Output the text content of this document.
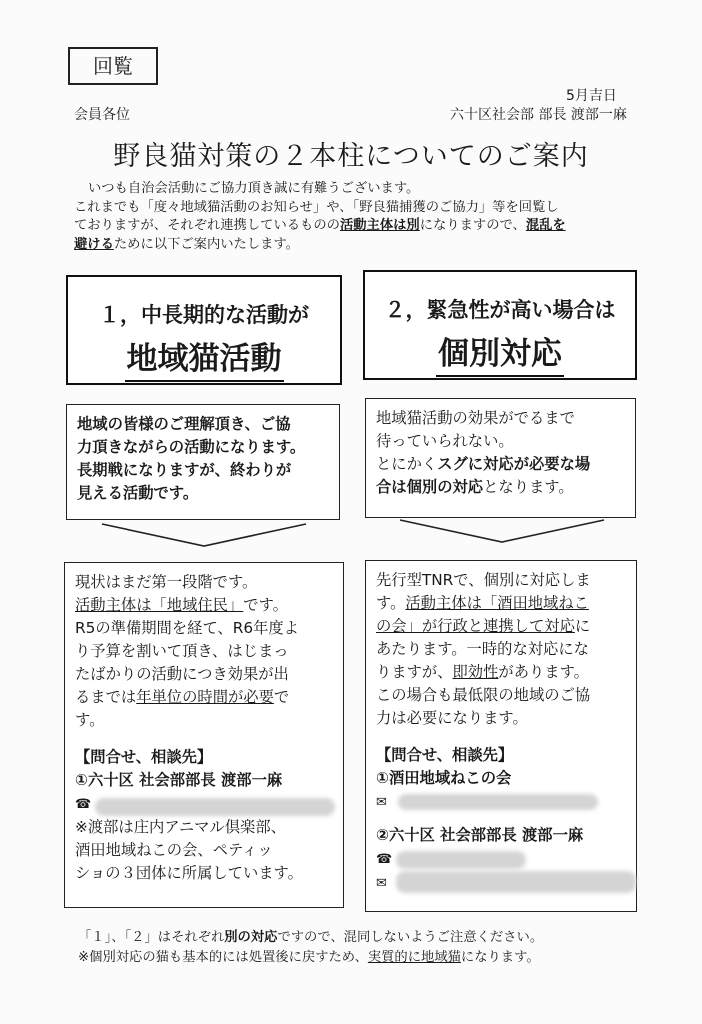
回覧
5月吉日
会員各位	六十区社会部 部長 渡部一麻
野良猫対策の２本柱についてのご案内

いつも自治会活動にご協力頂き誠に有難うございます。

これまでも「度々地域猫活動のお知らせ」や、「野良猫捕獲のご協力」等を回覧し

ておりますが、それぞれ連携しているものの活動主体は別になりますので、混乱を

避けるために以下ご案内いたします。

１，中長期的な活動が
地域猫活動
２，緊急性が高い場合は
個別対応
地域の皆様のご理解頂き、ご協
力頂きながらの活動になります。
長期戦になりますが、終わりが
見える活動です。
地域猫活動の効果がでるまで
待っていられない。
とにかくスグに対応が必要な場
合は個別の対応となります。
現状はまだ第一段階です。
活動主体は「地域住民」です。
R5の準備期間を経て、R6年度よ
り予算を割いて頂き、はじまっ
たばかりの活動につき効果が出
るまでは年単位の時間が必要で
す。
【問合せ、相談先】
①六十区 社会部部長 渡部一麻
☎
※渡部は庄内アニマル倶楽部、
酒田地域ねこの会、ペティッ
ショの３団体に所属しています。
先行型TNRで、個別に対応しま
す。活動主体は「酒田地域ねこ
の会」が行政と連携して対応に
あたります。一時的な対応にな
りますが、即効性があります。
この場合も最低限の地域のご協
力は必要になります。
【問合せ、相談先】
①酒田地域ねこの会
✉
②六十区 社会部部長 渡部一麻
☎
✉

「１」、「２」はそれぞれ別の対応ですので、混同しないようご注意ください。

※個別対応の猫も基本的には処置後に戻すため、実質的に地域猫になります。
